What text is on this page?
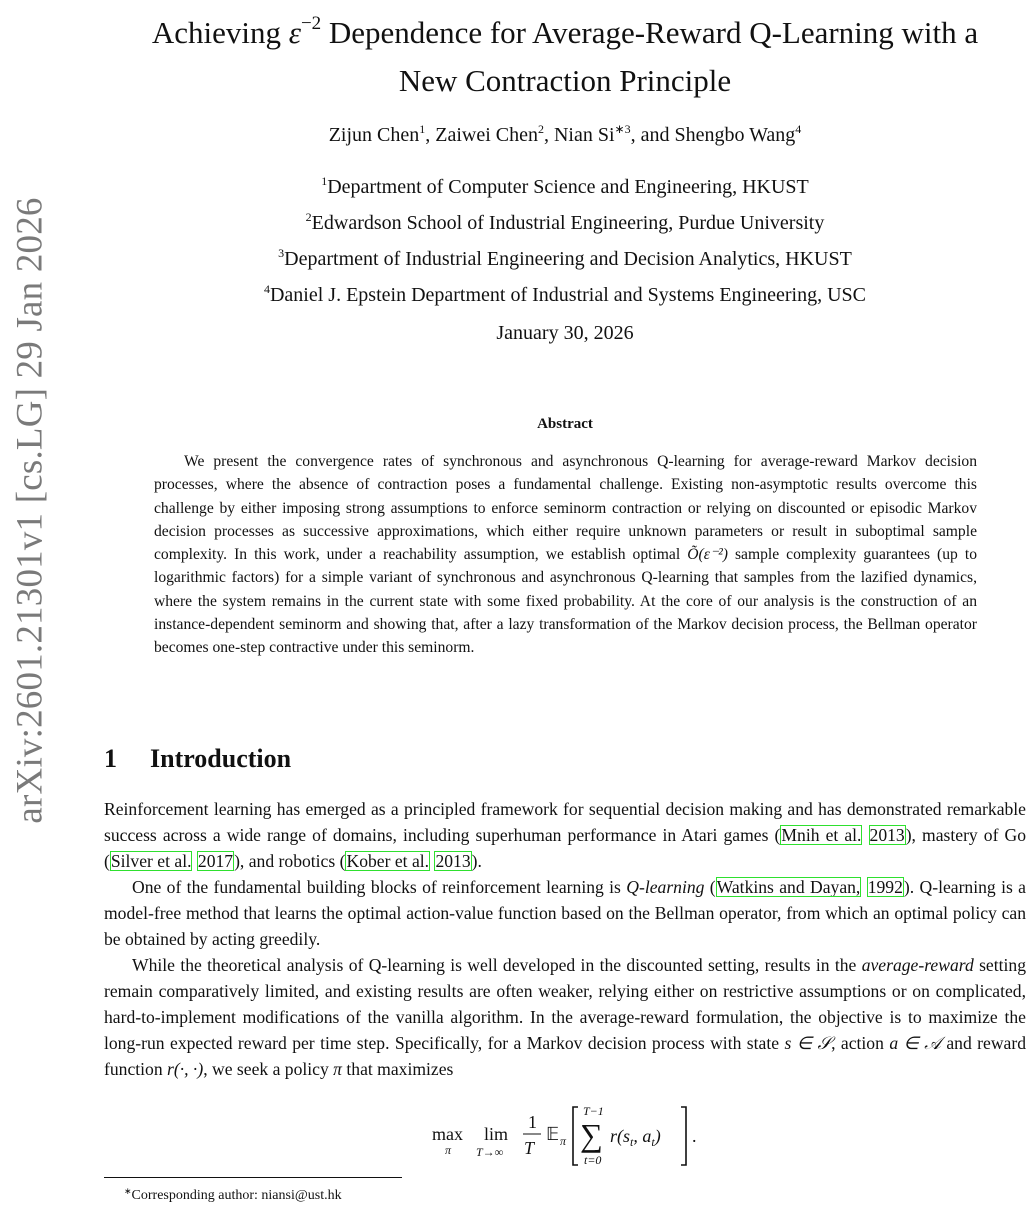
arXiv:2601.21301v1 [cs.LG] 29 Jan 2026
Achieving $\varepsilon^{-2}$ Dependence for Average-Reward Q-Learning with a
New Contraction Principle
Zijun Chen$^1$, Zaiwei Chen$^2$, Nian $Si^{∗3}$, and Shengbo Wang$^4$
$^1$Department of Computer Science and Engineering, HKUST
$^2$Edwardson School of Industrial Engineering, Purdue University
$^3$Department of Industrial Engineering and Decision Analytics, HKUST
$^4$Daniel J. Epstein Department of Industrial and Systems Engineering, USC
January 30, 2026
Abstract
We present the convergence rates of synchronous and asynchronous Q-learning for average-reward Markov decision processes, where the absence of contraction poses a fundamental challenge. Existing non-asymptotic results overcome this challenge by either imposing strong assumptions to enforce seminorm contraction or relying on discounted or episodic Markov decision processes as successive approximations, which either require unknown parameters or result in suboptimal sample complexity. In this work, under a reachability assumption, we establish optimal Õ(ε⁻²) sample complexity guarantees (up to logarithmic factors) for a simple variant of synchronous and asynchronous Q-learning that samples from the lazified dynamics, where the system remains in the current state with some fixed probability. At the core of our analysis is the construction of an instance-dependent seminorm and showing that, after a lazy transformation of the Markov decision process, the Bellman operator becomes one-step contractive under this seminorm.
1 Introduction

Reinforcement learning has emerged as a principled framework for sequential decision making and has demonstrated remarkable success across a wide range of domains, including superhuman performance in Atari games (Mnih et al. 2013), mastery of Go (Silver et al. 2017), and robotics (Kober et al. 2013).

One of the fundamental building blocks of reinforcement learning is Q-learning (Watkins and Dayan, 1992). Q-learning is a model-free method that learns the optimal action-value function based on the Bellman operator, from which an optimal policy can be obtained by acting greedily.

While the theoretical analysis of Q-learning is well developed in the discounted setting, results in the average-reward setting remain comparatively limited, and existing results are often weaker, relying either on restrictive assumptions or on complicated, hard-to-implement modifications of the vanilla algorithm. In the average-reward formulation, the objective is to maximize the long-run expected reward per time step. Specifically, for a Markov decision process with state s ∈ 𝒮, action a ∈ 𝒜 and reward function r(·, ·), we seek a policy π that maximizes

max
π
lim
T→∞
1
T
𝔼 π
T−1
∑
t=0
$r(s_t$, $a_t$) .
∗Corresponding author: niansi@ust.hk
